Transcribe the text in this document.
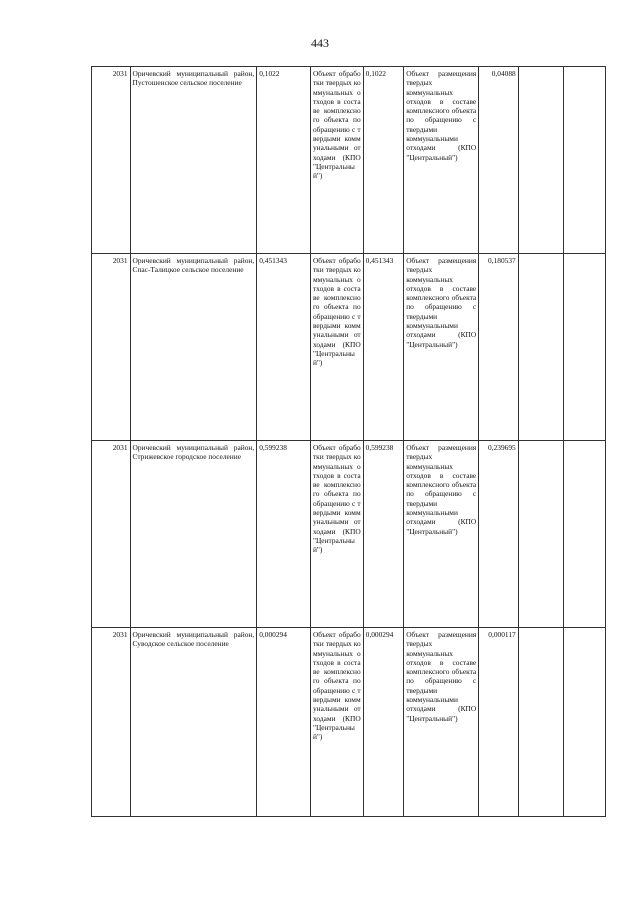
443
2031	Оричевский муниципальный район, Пустошенское сельское поселение	0,1022	Объект обработки твердых коммунальных отходов в составе комплексного объекта по обращению с твердыми коммунальными отходами (КПО "Центральный")	0,1022	Объект размещения твердых коммунальных отходов в составе комплексного объекта по обращению с твердыми коммунальными отходами (КПО "Центральный")	0,04088		
2031	Оричевский муниципальный район, Спас-Талицкое сельское поселение	0,451343	Объект обработки твердых коммунальных отходов в составе комплексного объекта по обращению с твердыми коммунальными отходами (КПО "Центральный")	0,451343	Объект размещения твердых коммунальных отходов в составе комплексного объекта по обращению с твердыми коммунальными отходами (КПО "Центральный")	0,180537		
2031	Оричевский муниципальный район, Стрижевское городское поселение	0,599238	Объект обработки твердых коммунальных отходов в составе комплексного объекта по обращению с твердыми коммунальными отходами (КПО "Центральный")	0,599238	Объект размещения твердых коммунальных отходов в составе комплексного объекта по обращению с твердыми коммунальными отходами (КПО "Центральный")	0,239695		
2031	Оричевский муниципальный район, Суводское сельское поселение	0,000294	Объект обработки твердых коммунальных отходов в составе комплексного объекта по обращению с твердыми коммунальными отходами (КПО "Центральный")	0,000294	Объект размещения твердых коммунальных отходов в составе комплексного объекта по обращению с твердыми коммунальными отходами (КПО "Центральный")	0,000117		
